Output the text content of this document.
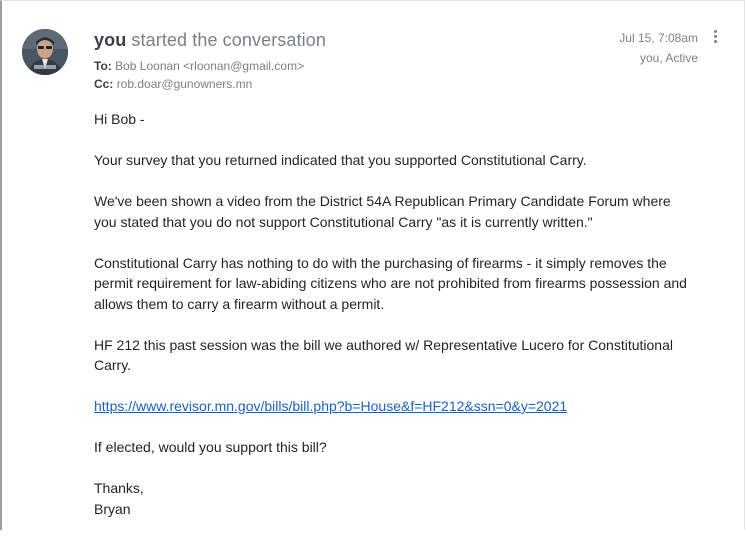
you started the conversation
To: Bob Loonan <rloonan@gmail.com>
Cc: rob.doar@gunowners.mn
Jul 15, 7:08am
you, Active

Hi Bob -

Your survey that you returned indicated that you supported Constitutional Carry.

We've been shown a video from the District 54A Republican Primary Candidate Forum where you stated that you do not support Constitutional Carry "as it is currently written."

Constitutional Carry has nothing to do with the purchasing of firearms - it simply removes the permit requirement for law-abiding citizens who are not prohibited from firearms possession and allows them to carry a firearm without a permit.

HF 212 this past session was the bill we authored w/ Representative Lucero for Constitutional Carry.

https://www.revisor.mn.gov/bills/bill.php?b=House&f=HF212&ssn=0&y=2021

If elected, would you support this bill?

Thanks,

Bryan
